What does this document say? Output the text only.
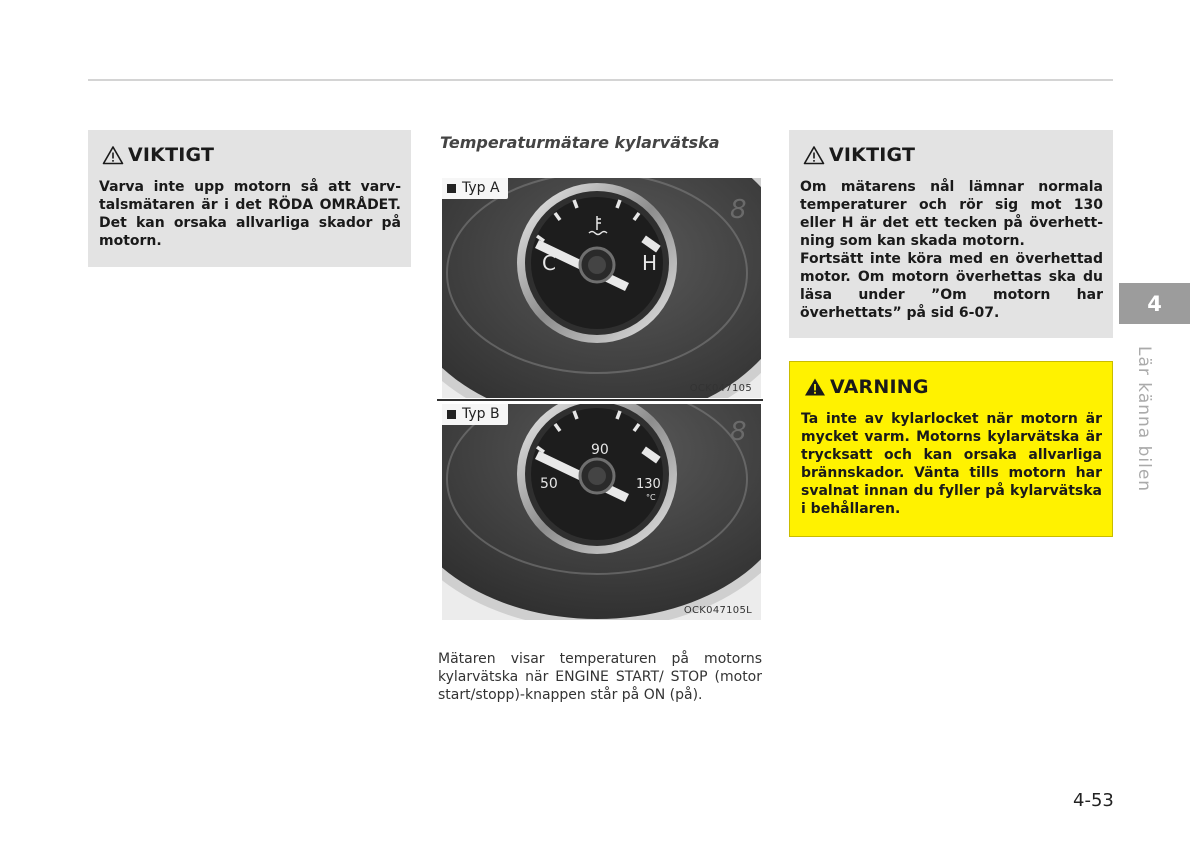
VIKTIGT

Varva inte upp motorn så att varvtalsmätaren är i det RÖDA OMRÅDET. Det kan orsaka allvarliga skador på motorn.

Temperaturmätare kylarvätska
C	H
8
Typ A
OCK047105
90
50	130
°C
8
Typ B
OCK047105L

Mätaren visar temperaturen på motorns kylarvätska när ENGINE START/ STOP (motor start/stopp)-knappen står på ON (på).

VIKTIGT

Om mätarens nål lämnar normala temperaturer och rör sig mot 130 eller H är det ett tecken på överhettning som kan skada motorn.

Fortsätt inte köra med en överhettad motor. Om motorn överhettas ska du läsa under ”Om motorn har överhettats” på sid 6-07.

VARNING

Ta inte av kylarlocket när motorn är mycket varm. Motorns kylarvätska är trycksatt och kan orsaka allvarliga brännskador. Vänta tills motorn har svalnat innan du fyller på kylarvätska i behållaren.

4
Lär känna bilen
4-53
